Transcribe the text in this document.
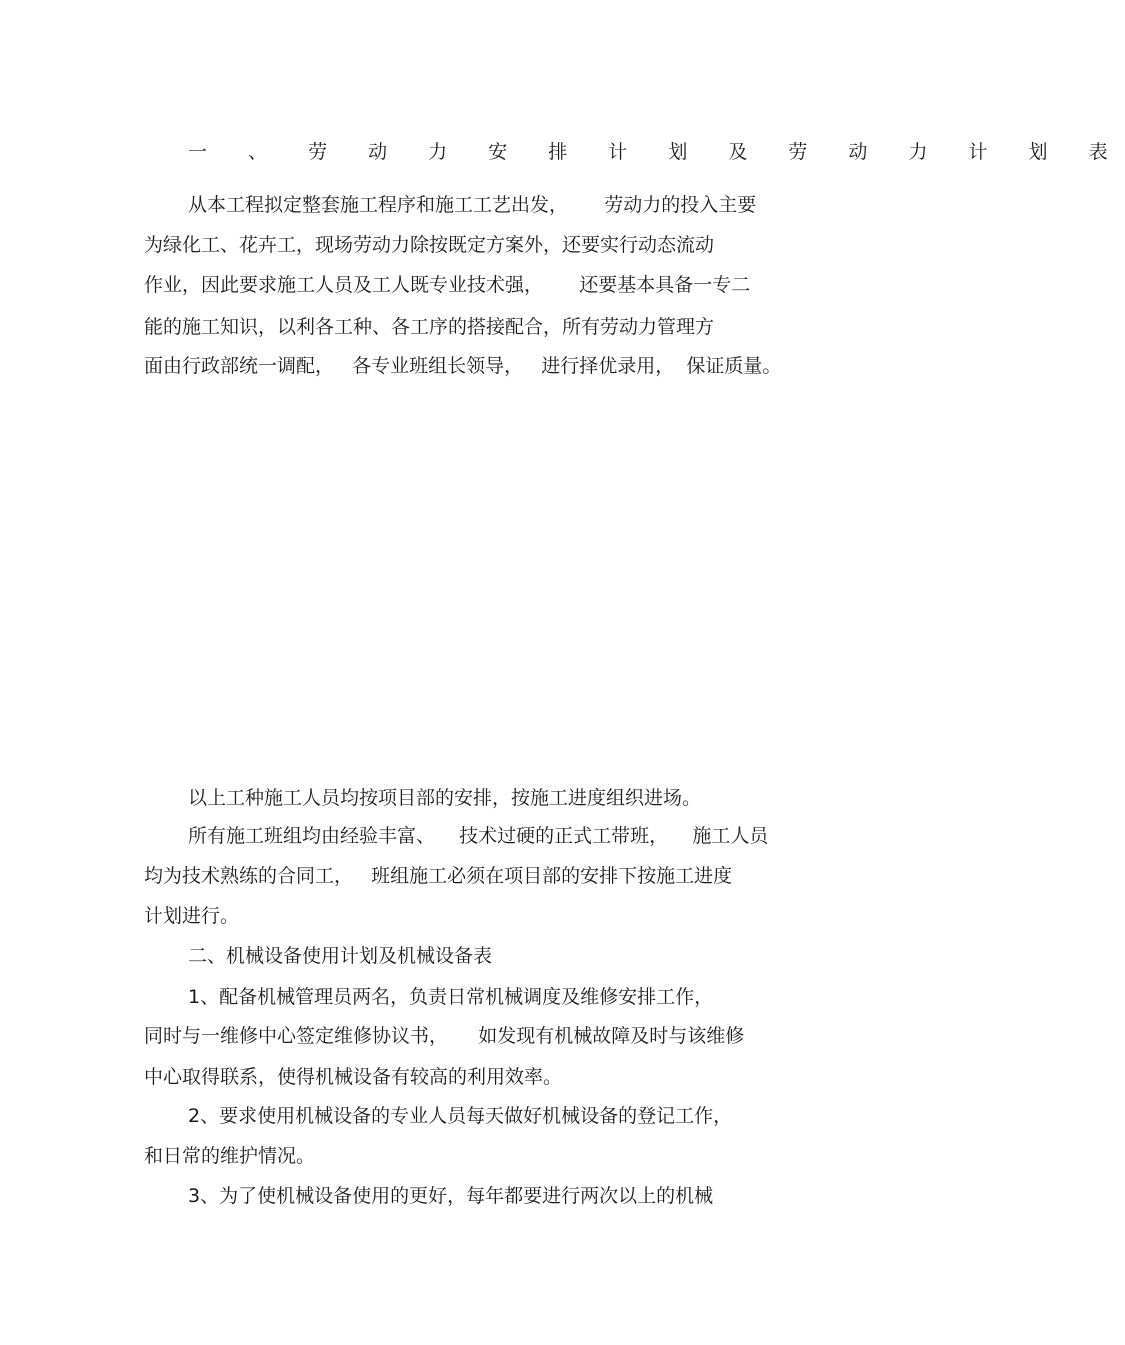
一 、 劳 动 力 安 排 计 划 及 劳 动 力 计 划 表
从本工程拟定整套施工程序和施工工艺出发，      劳动力的投入主要
为绿化工、花卉工，现场劳动力除按既定方案外，还要实行动态流动
作业，因此要求施工人员及工人既专业技术强，      还要基本具备一专二
能的施工知识，以利各工种、各工序的搭接配合，所有劳动力管理方
面由行政部统一调配，   各专业班组长领导，   进行择优录用，  保证质量。
以上工种施工人员均按项目部的安排，按施工进度组织进场。
所有施工班组均由经验丰富、    技术过硬的正式工带班，    施工人员
均为技术熟练的合同工，   班组施工必须在项目部的安排下按施工进度
计划进行。
二、机械设备使用计划及机械设备表
1、配备机械管理员两名，负责日常机械调度及维修安排工作，
同时与一维修中心签定维修协议书，     如发现有机械故障及时与该维修
中心取得联系，使得机械设备有较高的利用效率。
2、要求使用机械设备的专业人员每天做好机械设备的登记工作，
和日常的维护情况。
3、为了使机械设备使用的更好，每年都要进行两次以上的机械
